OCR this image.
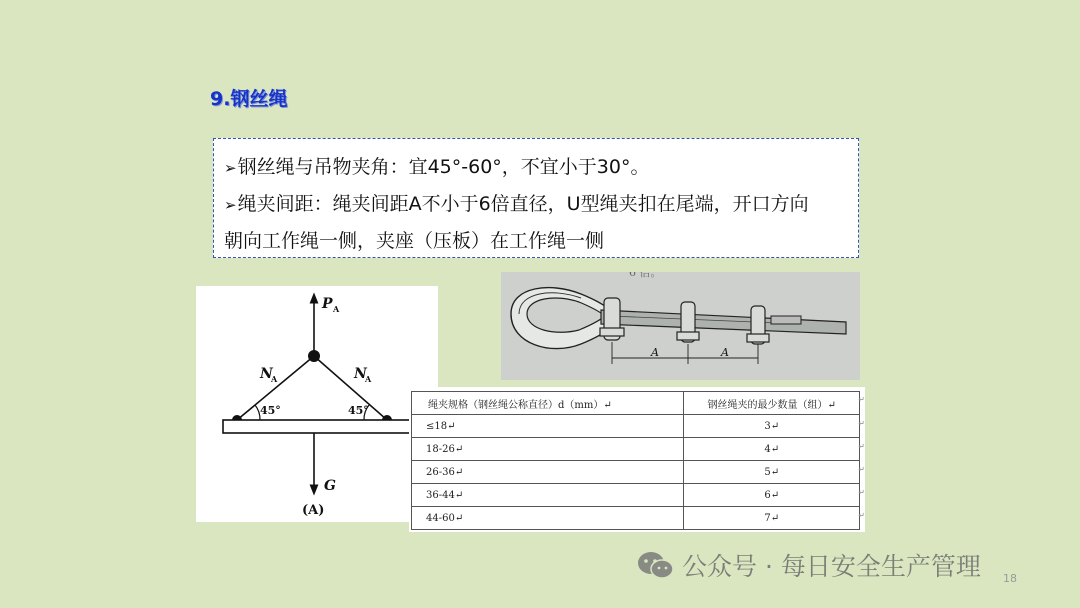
9.钢丝绳
➢钢丝绳与吊物夹角：宜45°-60°，不宜小于30°。
➢绳夹间距：绳夹间距A不小于6倍直径，U型绳夹扣在尾端，开口方向
朝向工作绳一侧，夹座（压板）在工作绳一侧
P A
N
A	N
A
45°	45°
G
(A)
6 倍。
A	A
绳夹规格（钢丝绳公称直径）d（mm）↵	钢丝绳夹的最少数量（组）↵
≤18↵	3↵
18-26↵	4↵
26-36↵	5↵
36-44↵	6↵
44-60↵	7↵
↵
↵
↵
↵
↵
↵
公众号 · 每日安全生产管理 18
